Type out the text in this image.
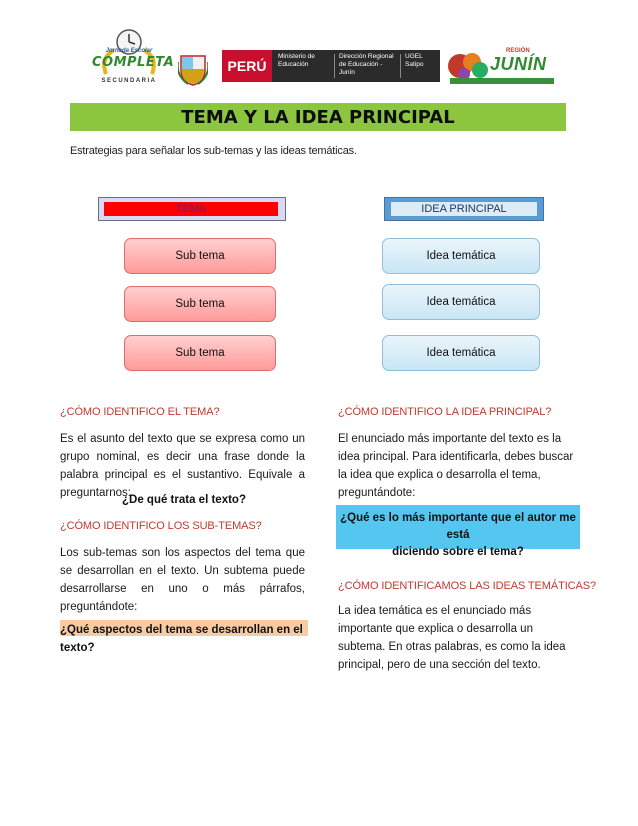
Jornada Escolar
COMPLETA
SECUNDARIA
PERÚ
Ministerio de Educación
Dirección Regional de Educación - Junín
UGEL Satipo
REGIÓN
JUNÍN
TEMA Y LA IDEA PRINCIPAL
Estrategias para señalar los sub-temas y las ideas temáticas.
TEMA	IDEA PRINCIPAL
Sub tema
Sub tema
Sub tema
Idea temática
Idea temática
Idea temática
¿CÓMO IDENTIFICO EL TEMA?
Es el asunto del texto que se expresa como un grupo nominal, es decir una frase donde la palabra principal es el sustantivo. Equivale a preguntarnos:
¿De qué trata el texto?
¿CÓMO IDENTIFICO LOS SUB-TEMAS?
Los sub-temas son los aspectos del tema que se desarrollan en el texto. Un subtema puede desarrollarse en uno o más párrafos, preguntándote:
¿Qué aspectos del tema se desarrollan en el texto?
¿CÓMO IDENTIFICO LA IDEA PRINCIPAL?
El enunciado más importante del texto es la idea principal. Para identificarla, debes buscar la idea que explica o desarrolla el tema, preguntándote:
¿Qué es lo más importante que el autor me está
diciendo sobre el tema?
¿CÓMO IDENTIFICAMOS LAS IDEAS TEMÁTICAS?
La idea temática es el enunciado más importante que explica o desarrolla un subtema. En otras palabras, es como la idea principal, pero de una sección del texto.
